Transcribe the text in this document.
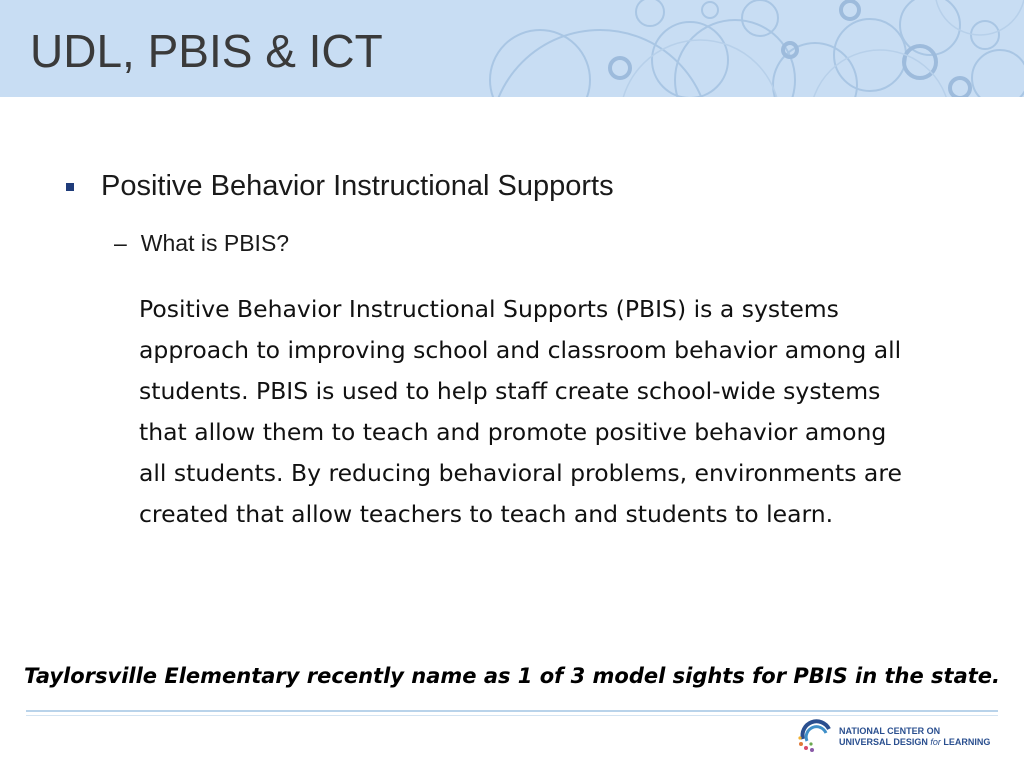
UDL, PBIS & ICT
Positive Behavior Instructional Supports
– What is PBIS?

Positive Behavior Instructional Supports (PBIS) is a systems approach to improving school and classroom behavior among all students. PBIS is used to help staff create school-wide systems that allow them to teach and promote positive behavior among all students. By reducing behavioral problems, environments are created that allow teachers to teach and students to learn.

Taylorsville Elementary recently name as 1 of 3 model sights for PBIS in the state.

NATIONAL CENTER ON
UNIVERSAL DESIGN for LEARNING
